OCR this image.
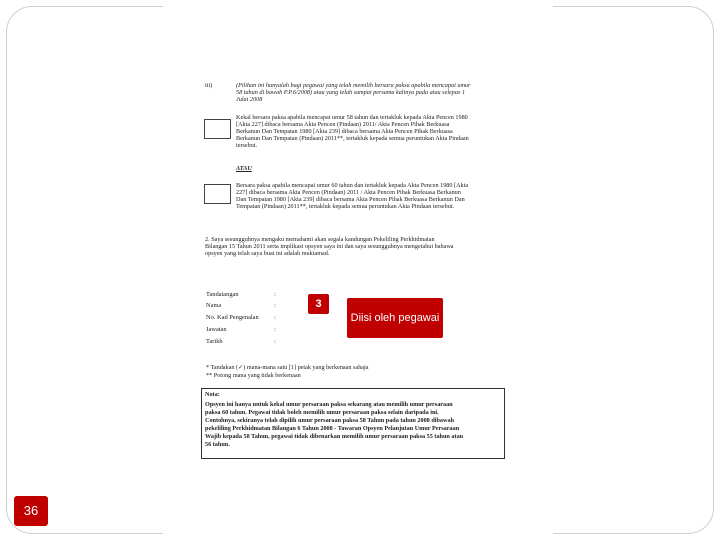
iii)	(Pilihan ini hanyalah bagi pegawai yang telah memilih bersara paksa apabila mencapai umur
58 tahun di bawah P.P.6/2008) atau yang telah sampai persama kalinya pada atau selepas 1
Julai 2008
Kekal bersara paksa apabila mencapai umur 58 tahun dan tertakluk kepada Akta Pencen 1980
[Akta 227] dibaca bersama Akta Pencen (Pindaan) 2011/ Akta Pencen Pihak Berkuasa
Berkanun Dan Tempatan 1980 [Akta 239] dibaca bersama Akta Pencen Pihak Berkuasa
Berkanun Dan Tempatan (Pindaan) 2011**, tertakluk kepada semua peruntukan Akta Pindaan
tersebut.
ATAU
Bersara paksa apabila mencapai umur 60 tahun dan tertakluk kepada Akta Pencen 1980 [Akta
227] dibaca bersama Akta Pencen (Pindaan) 2011 / Akta Pencen Pihak Berkuasa Berkanun
Dan Tempatan 1980 [Akta 239] dibaca bersama Akta Pencen Pihak Berkuasa Berkanun Dan
Tempatan (Pindaan) 2011**, tertakluk kepada semua peruntukan Akta Pindaan tersebut.
2. Saya sesungguhnya mengaku memahami akan segala kandungan Pekeliling Perkhidmatan
Bilangan 15 Tahun 2011 serta implikasi opsyen saya ini dan saya sesungguhnya mengetahui bahawa
opsyen yang telah saya buat ini adalah muktamad.
Tandatangan	:
Nama	:
No. Kad Pengenalan :
Jawatan	:
Tarikh	:
3
Diisi oleh pegawai
* Tandakan (✓) mana-mana satu [1] petak yang berkenaan sahaja
** Potong mana yang tidak berkenaan
Nota:
Opsyen ini hanya untuk kekal umur persaraan paksa sekarang atau memilih umur persaraan
paksa 60 tahun. Pegawai tidak boleh memilih umur persaraan paksa selain daripada ini.
Contohnya, sekiranya telah dipilih umur persaraan paksa 58 Tahun pada tahun 2008 dibawah
pekeliling Perkhidmatan Bilangan 6 Tahun 2008 - Tawaran Opsyen Pelanjutan Umur Persaraan
Wajib kepada 58 Tahun, pegawai tidak dibenarkan memilih umur persaraan paksa 55 tahun atau
56 tahun.
36
